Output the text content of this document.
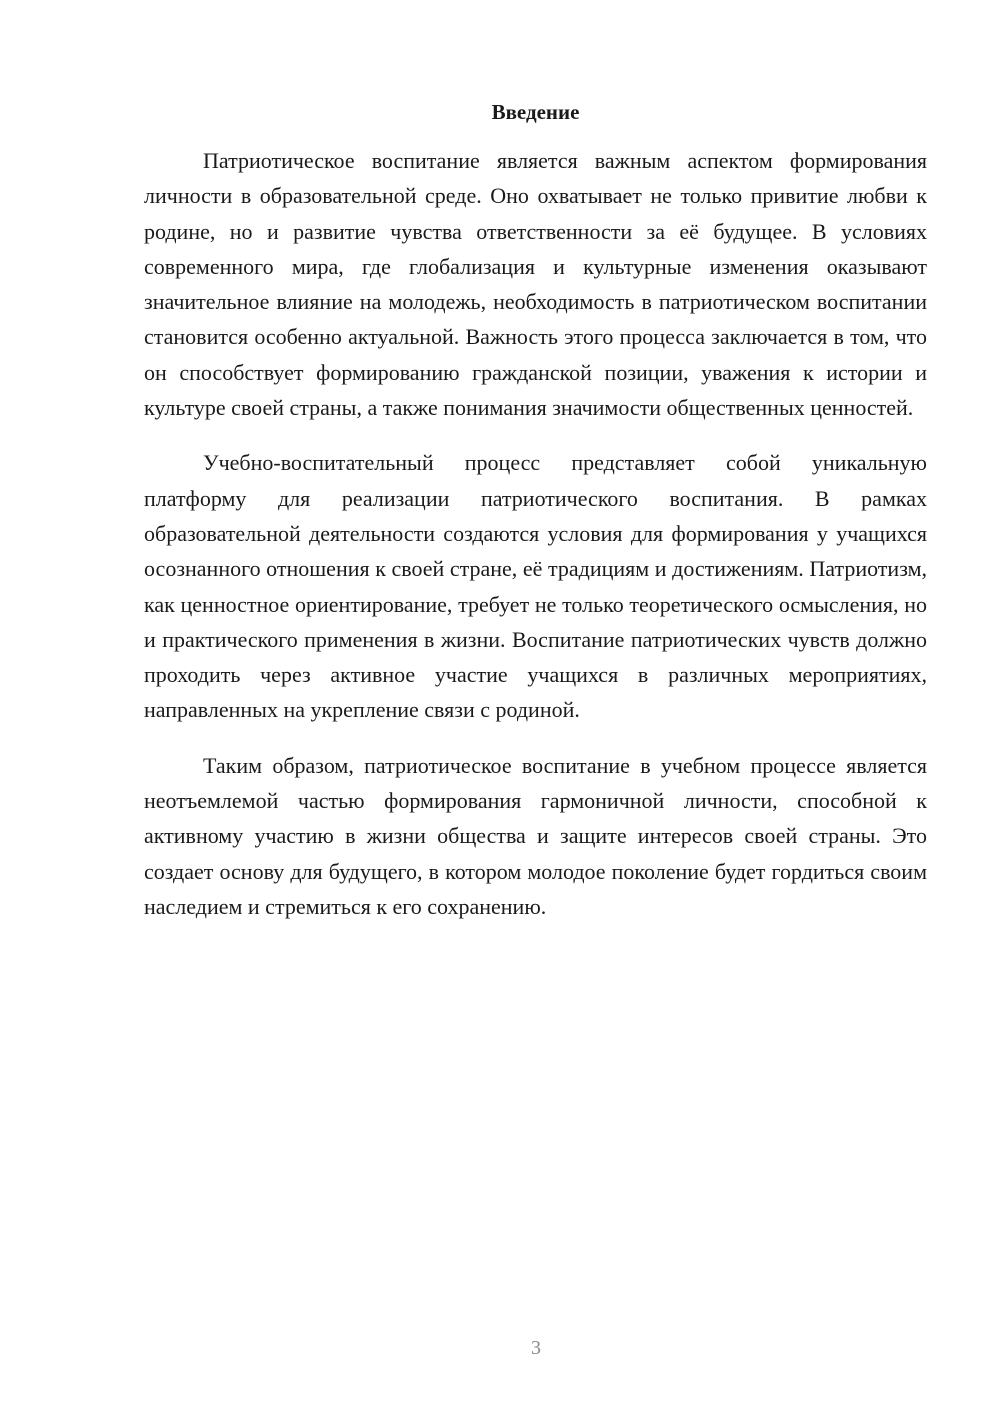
Введение

Патриотическое воспитание является важным аспектом формирования личности в образовательной среде. Оно охватывает не только привитие любви к родине, но и развитие чувства ответственности за её будущее. В условиях современного мира, где глобализация и культурные изменения оказывают значительное влияние на молодежь, необходимость в патриотическом воспитании становится особенно актуальной. Важность этого процесса заключается в том, что он способствует формированию гражданской позиции, уважения к истории и культуре своей страны, а также понимания значимости общественных ценностей.

Учебно-воспитательный процесс представляет собой уникальную платформу для реализации патриотического воспитания. В рамках образовательной деятельности создаются условия для формирования у учащихся осознанного отношения к своей стране, её традициям и достижениям. Патриотизм, как ценностное ориентирование, требует не только теоретического осмысления, но и практического применения в жизни. Воспитание патриотических чувств должно проходить через активное участие учащихся в различных мероприятиях, направленных на укрепление связи с родиной.

Таким образом, патриотическое воспитание в учебном процессе является неотъемлемой частью формирования гармоничной личности, способной к активному участию в жизни общества и защите интересов своей страны. Это создает основу для будущего, в котором молодое поколение будет гордиться своим наследием и стремиться к его сохранению.

3
